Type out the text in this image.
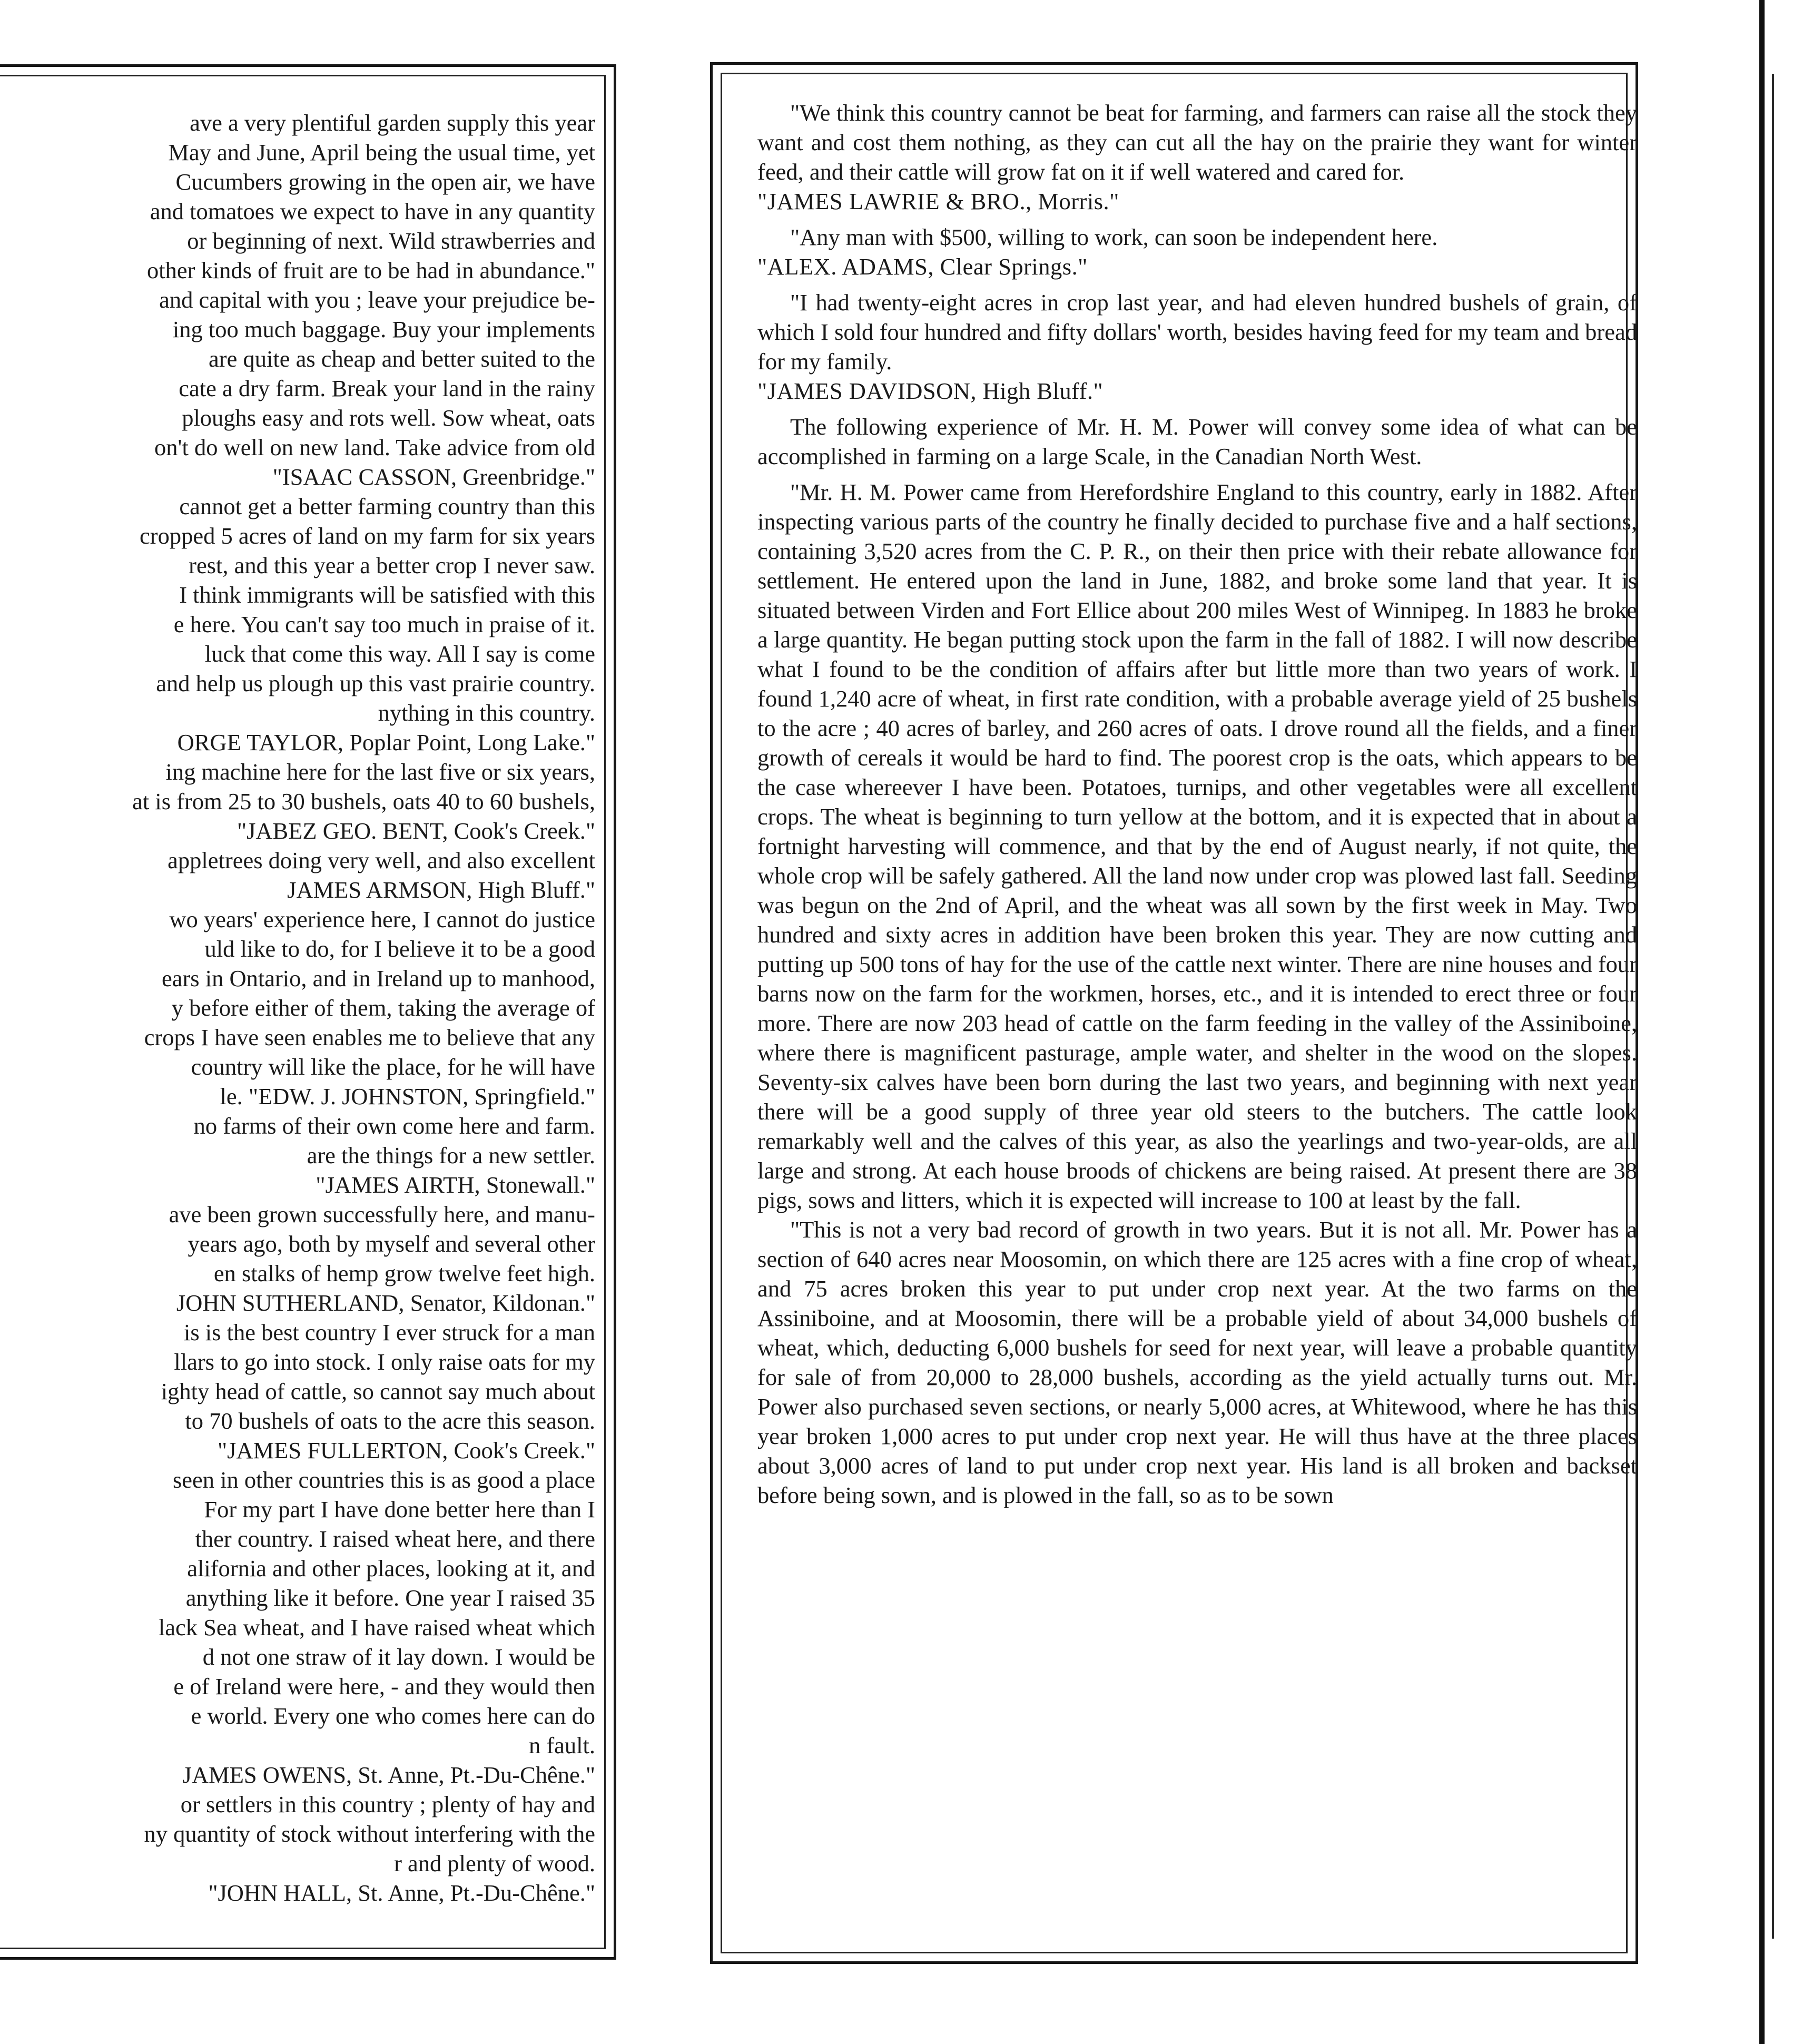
ave a very plentiful garden supply this year
May and June, April being the usual time, yet
Cucumbers growing in the open air, we have
and tomatoes we expect to have in any quantity
or beginning of next. Wild strawberries and
other kinds of fruit are to be had in abundance."
and capital with you ; leave your prejudice be-
ing too much baggage. Buy your implements
are quite as cheap and better suited to the
cate a dry farm. Break your land in the rainy
ploughs easy and rots well. Sow wheat, oats
on't do well on new land. Take advice from old
"ISAAC CASSON, Greenbridge."
cannot get a better farming country than this
cropped 5 acres of land on my farm for six years
rest, and this year a better crop I never saw.
I think immigrants will be satisfied with this
e here. You can't say too much in praise of it.
luck that come this way. All I say is come
and help us plough up this vast prairie country.
nything in this country.
ORGE TAYLOR, Poplar Point, Long Lake."
ing machine here for the last five or six years,
at is from 25 to 30 bushels, oats 40 to 60 bushels,
"JABEZ GEO. BENT, Cook's Creek."
appletrees doing very well, and also excellent
JAMES ARMSON, High Bluff."
wo years' experience here, I cannot do justice
uld like to do, for I believe it to be a good
ears in Ontario, and in Ireland up to manhood,
y before either of them, taking the average of
crops I have seen enables me to believe that any
country will like the place, for he will have
le. "EDW. J. JOHNSTON, Springfield."
no farms of their own come here and farm.
are the things for a new settler.
"JAMES AIRTH, Stonewall."
ave been grown successfully here, and manu-
years ago, both by myself and several other
en stalks of hemp grow twelve feet high.
JOHN SUTHERLAND, Senator, Kildonan."
is is the best country I ever struck for a man
llars to go into stock. I only raise oats for my
ighty head of cattle, so cannot say much about
to 70 bushels of oats to the acre this season.
"JAMES FULLERTON, Cook's Creek."
seen in other countries this is as good a place
For my part I have done better here than I
ther country. I raised wheat here, and there
alifornia and other places, looking at it, and
anything like it before. One year I raised 35
lack Sea wheat, and I have raised wheat which
d not one straw of it lay down. I would be
e of Ireland were here, - and they would then
e world. Every one who comes here can do
n fault.
JAMES OWENS, St. Anne, Pt.-Du-Chêne."
or settlers in this country ; plenty of hay and
ny quantity of stock without interfering with the
r and plenty of wood.
"JOHN HALL, St. Anne, Pt.-Du-Chêne."

"We think this country cannot be beat for farming, and farmers can raise all the stock they want and cost them nothing, as they can cut all the hay on the prairie they want for winter feed, and their cattle will grow fat on it if well watered and cared for.

"JAMES LAWRIE & BRO., Morris."

"Any man with $500, willing to work, can soon be independent here.

"ALEX. ADAMS, Clear Springs."

"I had twenty-eight acres in crop last year, and had eleven hundred bushels of grain, of which I sold four hundred and fifty dollars' worth, besides having feed for my team and bread for my family.

"JAMES DAVIDSON, High Bluff."

The following experience of Mr. H. M. Power will convey some idea of what can be accomplished in farming on a large Scale, in the Canadian North West.

"Mr. H. M. Power came from Herefordshire England to this country, early in 1882. After inspecting various parts of the country he finally decided to purchase five and a half sections, containing 3,520 acres from the C. P. R., on their then price with their rebate allowance for settlement. He entered upon the land in June, 1882, and broke some land that year. It is situated between Virden and Fort Ellice about 200 miles West of Winnipeg. In 1883 he broke a large quantity. He began putting stock upon the farm in the fall of 1882. I will now describe what I found to be the condition of affairs after but little more than two years of work. I found 1,240 acre of wheat, in first rate condition, with a probable average yield of 25 bushels to the acre ; 40 acres of barley, and 260 acres of oats. I drove round all the fields, and a finer growth of cereals it would be hard to find. The poorest crop is the oats, which appears to be the case whereever I have been. Potatoes, turnips, and other vegetables were all excellent crops. The wheat is beginning to turn yellow at the bottom, and it is expected that in about a fortnight harvesting will commence, and that by the end of August nearly, if not quite, the whole crop will be safely gathered. All the land now under crop was plowed last fall. Seeding was begun on the 2nd of April, and the wheat was all sown by the first week in May. Two hundred and sixty acres in addition have been broken this year. They are now cutting and putting up 500 tons of hay for the use of the cattle next winter. There are nine houses and four barns now on the farm for the workmen, horses, etc., and it is intended to erect three or four more. There are now 203 head of cattle on the farm feeding in the valley of the Assiniboine, where there is magnificent pasturage, ample water, and shelter in the wood on the slopes. Seventy-six calves have been born during the last two years, and beginning with next year there will be a good supply of three year old steers to the butchers. The cattle look remarkably well and the calves of this year, as also the yearlings and two-year-olds, are all large and strong. At each house broods of chickens are being raised. At present there are 38 pigs, sows and litters, which it is expected will increase to 100 at least by the fall.

"This is not a very bad record of growth in two years. But it is not all. Mr. Power has a section of 640 acres near Moosomin, on which there are 125 acres with a fine crop of wheat, and 75 acres broken this year to put under crop next year. At the two farms on the Assiniboine, and at Moosomin, there will be a probable yield of about 34,000 bushels of wheat, which, deducting 6,000 bushels for seed for next year, will leave a probable quantity for sale of from 20,000 to 28,000 bushels, according as the yield actually turns out. Mr. Power also purchased seven sections, or nearly 5,000 acres, at Whitewood, where he has this year broken 1,000 acres to put under crop next year. He will thus have at the three places about 3,000 acres of land to put under crop next year. His land is all broken and backset before being sown, and is plowed in the fall, so as to be sown
